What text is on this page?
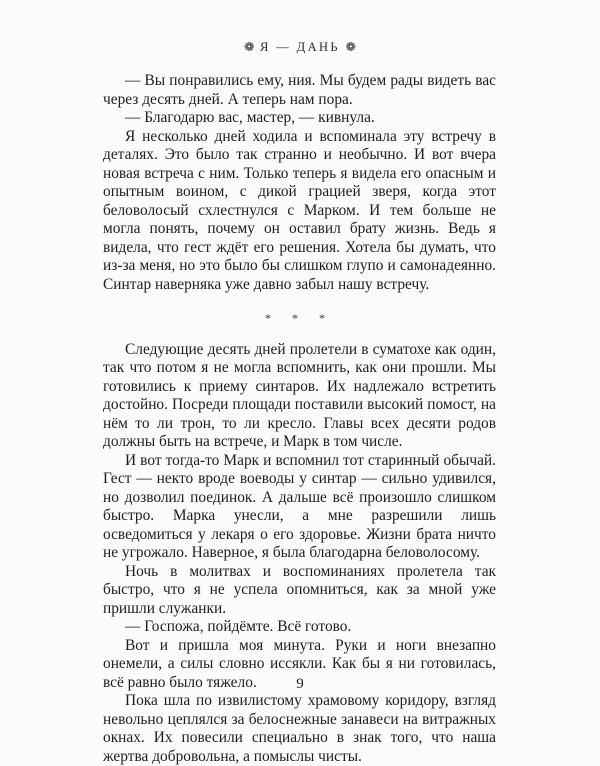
❁ Я — ДАНЬ ❁

— Вы понравились ему, ния. Мы будем рады видеть вас через десять дней. А теперь нам пора.

— Благодарю вас, мастер, — кивнула.

Я несколько дней ходила и вспоминала эту встречу в деталях. Это было так странно и необычно. И вот вчера новая встреча с ним. Только теперь я видела его опасным и опытным воином, с дикой грацией зверя, когда этот беловолосый схлестнулся с Марком. И тем больше не могла понять, почему он оставил брату жизнь. Ведь я видела, что гест ждёт его решения. Хотела бы думать, что из-за меня, но это было бы слишком глупо и самонадеянно. Синтар наверняка уже давно забыл нашу встречу.

* * *

Следующие десять дней пролетели в суматохе как один, так что потом я не могла вспомнить, как они прошли. Мы готовились к приему синтаров. Их надлежало встретить достойно. Посреди площади поставили высокий помост, на нём то ли трон, то ли кресло. Главы всех десяти родов должны быть на встрече, и Марк в том числе.

И вот тогда-то Марк и вспомнил тот старинный обычай. Гест — некто вроде воеводы у синтар — сильно удивился, но дозволил поединок. А дальше всё произошло слишком быстро. Марка унесли, а мне разрешили лишь осведомиться у лекаря о его здоровье. Жизни брата ничто не угрожало. Наверное, я была благодарна беловолосому.

Ночь в молитвах и воспоминаниях пролетела так быстро, что я не успела опомниться, как за мной уже пришли служанки.

— Госпожа, пойдёмте. Всё готово.

Вот и пришла моя минута. Руки и ноги внезапно онемели, а силы словно иссякли. Как бы я ни готовилась, всё равно было тяжело.

Пока шла по извилистому храмовому коридору, взгляд невольно цеплялся за белоснежные занавеси на витражных окнах. Их повесили специально в знак того, что наша жертва добровольна, а помыслы чисты.

9
